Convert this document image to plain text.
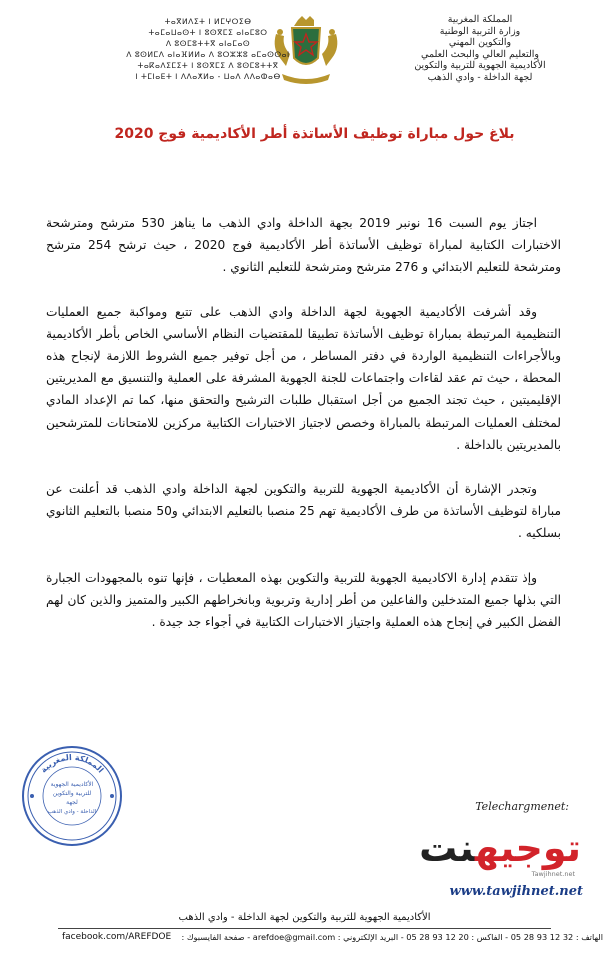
المملكة المغربية
وزارة التربية الوطنية
والتكوين المهني
والتعليم العالي والبحث العلمي
الأكاديمية الجهوية للتربية والتكوين
لجهة الداخلة - وادي الذهب
ⵜⴰⴳⵍⴷⵉⵜ ⵏ ⵍⵎⵖⵔⵉⴱ
ⵜⴰⵎⴰⵡⴰⵙⵜ ⵏ ⵓⵙⴳⵎⵉ ⴰⵏⴰⵎⵓⵔ
ⴷ ⵓⵙⵎⵓⵜⵜⴳ ⴰⵏⴰⵎⴰⵙ
ⴷ ⵓⵙⵍⵎⴷ ⴰⵏⴰⴼⵍⵍⴰ ⴷ ⵓⵔⵣⵣⵓ ⴰⵎⴰⵙⵙⴰⵏ
ⵜⴰⴽⴰⴷⵉⵎⵉⵜ ⵏ ⵓⵙⴳⵎⵉ ⴷ ⵓⵙⵎⵓⵜⵜⴳ
ⵏ ⵜⵎⵏⴰⴹⵜ ⵏ ⴷⴷⴰⵅⵍⴰ - ⵡⴰⴷ ⴷⴷⴰⵀⴰⴱ
بلاغ حول مباراة توظيف الأساتذة أطر الأكاديمية فوج 2020

اجتاز يوم السبت 16 نونبر 2019 بجهة الداخلة وادي الذهب ما يناهز 530 مترشح ومترشحة الاختبارات الكتابية لمباراة توظيف الأساتذة أطر الأكاديمية فوج 2020 ، حيث ترشح 254 مترشح ومترشحة للتعليم الابتدائي و 276 مترشح ومترشحة للتعليم الثانوي .

وقد أشرفت الأكاديمية الجهوية لجهة الداخلة وادي الذهب على تتبع ومواكبة جميع العمليات التنظيمية المرتبطة بمباراة توظيف الأساتذة تطبيقا للمقتضيات النظام الأساسي الخاص بأطر الأكاديمية وبالأجراءات التنظيمية الواردة في دفتر المساطر ، من أجل توفير جميع الشروط اللازمة لإنجاح هذه المحطة ، حيث تم عقد لقاءات واجتماعات للجنة الجهوية المشرفة على العملية والتنسيق مع المديريتين الإقليميتين ، حيث تجند الجميع من أجل استقبال طلبات الترشيح والتحقق منها، كما تم الإعداد المادي لمختلف العمليات المرتبطة بالمباراة وخصص لاجتياز الاختبارات الكتابية مركزين للامتحانات للمترشحين بالمديريتين بالداخلة .

وتجدر الإشارة أن الأكاديمية الجهوية للتربية والتكوين لجهة الداخلة وادي الذهب قد أعلنت عن مباراة لتوظيف الأساتذة من طرف الأكاديمية تهم 25 منصبا بالتعليم الابتدائي و50 منصبا بالتعليم الثانوي بسلكيه .

وإذ تتقدم إدارة الاكاديمية الجهوية للتربية والتكوين بهذه المعطيات ، فإنها تنوه بالمجهودات الجبارة التي بذلها جميع المتدخلين والفاعلين من أطر إدارية وتربوية وبانخراطهم الكبير والمتميز والذين كان لهم الفضل الكبير في إنجاح هذه العملية واجتياز الاختبارات الكتابية في أجواء جد جيدة .

المملكة المغربية
الأكاديمية الجهوية
للتربية والتكوين
لجهة
الداخلة - وادي الذهب	Telechargmenet:
توجيهنت
Tawjihnet.net
www.tawjihnet.net
الأكاديمية الجهوية للتربية والتكوين لجهة الداخلة - وادي الذهب
الهاتف : 32 12 93 28 05 - الفاكس : 20 12 93 28 05 - البريد الإلكتروني : arefdoe@gmail.com - صفحة الفايسبوك :
facebook.com/AREFDOE
